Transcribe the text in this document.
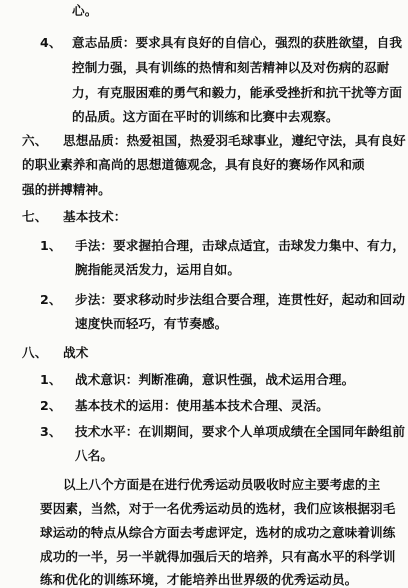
心。
4、 意志品质：要求具有良好的自信心，强烈的获胜欲望，自我
控制力强，具有训练的热情和刻苦精神以及对伤病的忍耐
力，有克服困难的勇气和毅力，能承受挫折和抗干扰等方面
的品质。这方面在平时的训练和比赛中去观察。
六、 思想品质：热爱祖国，热爱羽毛球事业，遵纪守法，具有良好
的职业素养和高尚的思想道德观念，具有良好的赛场作风和顽
强的拼搏精神。
七、 基本技术：
1、 手法：要求握拍合理，击球点适宜，击球发力集中、有力，
腕指能灵活发力，运用自如。
2、 步法：要求移动时步法组合要合理，连贯性好，起动和回动
速度快而轻巧，有节奏感。
八、 战术
1、 战术意识：判断准确，意识性强，战术运用合理。
2、 基本技术的运用：使用基本技术合理、灵活。
3、 技术水平：在训期间，要求个人单项成绩在全国同年龄组前
八名。
以上八个方面是在进行优秀运动员吸收时应主要考虑的主
要因素，当然，对于一名优秀运动员的选材，我们应该根据羽毛
球运动的特点从综合方面去考虑评定，选材的成功之意味着训练
成功的一半，另一半就得加强后天的培养，只有高水平的科学训
练和优化的训练环境，才能培养出世界级的优秀运动员。
